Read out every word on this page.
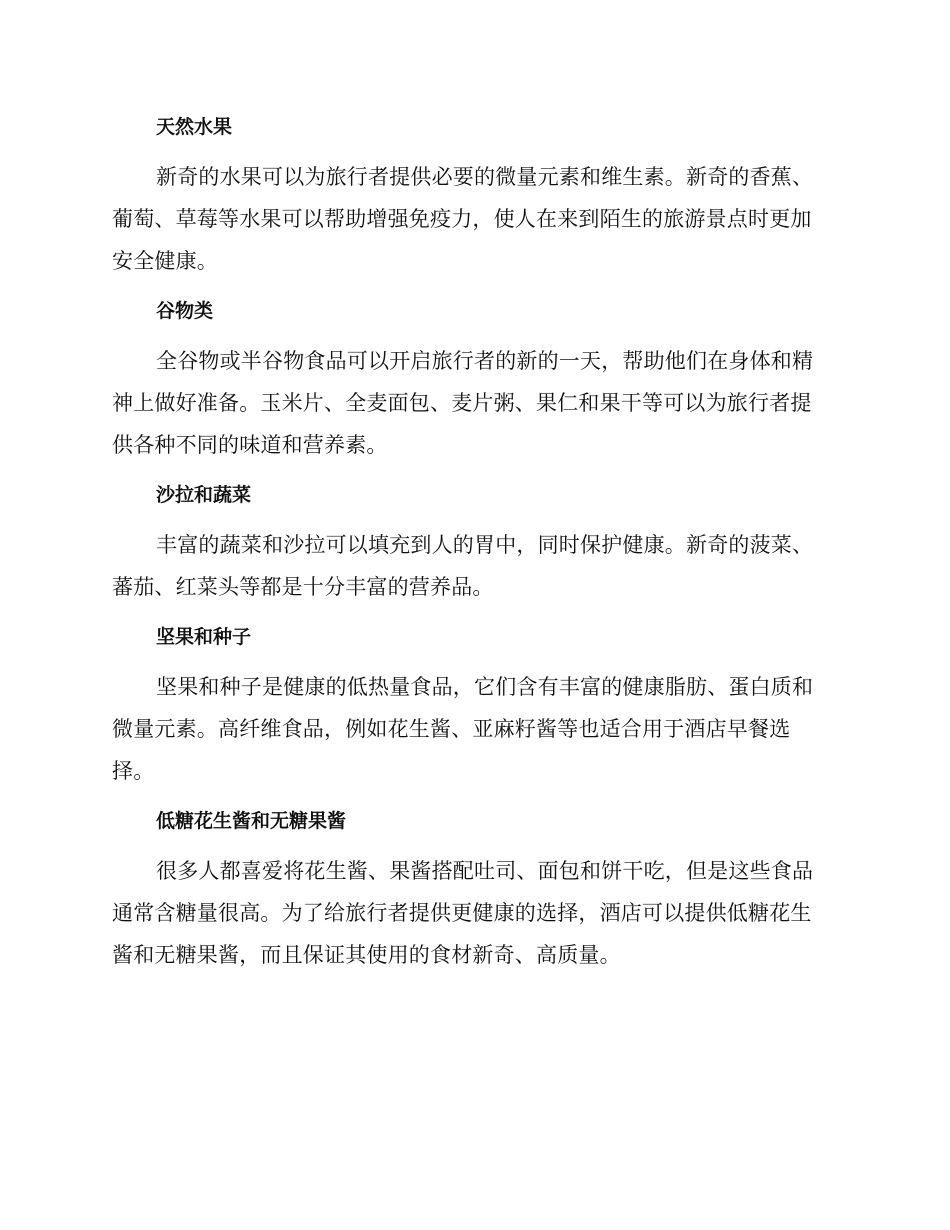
天然水果

新奇的水果可以为旅行者提供必要的微量元素和维生素。新奇的香蕉、葡萄、草莓等水果可以帮助增强免疫力，使人在来到陌生的旅游景点时更加安全健康。

谷物类

全谷物或半谷物食品可以开启旅行者的新的一天，帮助他们在身体和精神上做好准备。玉米片、全麦面包、麦片粥、果仁和果干等可以为旅行者提供各种不同的味道和营养素。

沙拉和蔬菜

丰富的蔬菜和沙拉可以填充到人的胃中，同时保护健康。新奇的菠菜、蕃茄、红菜头等都是十分丰富的营养品。

坚果和种子

坚果和种子是健康的低热量食品，它们含有丰富的健康脂肪、蛋白质和微量元素。高纤维食品，例如花生酱、亚麻籽酱等也适合用于酒店早餐选择。

低糖花生酱和无糖果酱

很多人都喜爱将花生酱、果酱搭配吐司、面包和饼干吃，但是这些食品通常含糖量很高。为了给旅行者提供更健康的选择，酒店可以提供低糖花生酱和无糖果酱，而且保证其使用的食材新奇、高质量。
